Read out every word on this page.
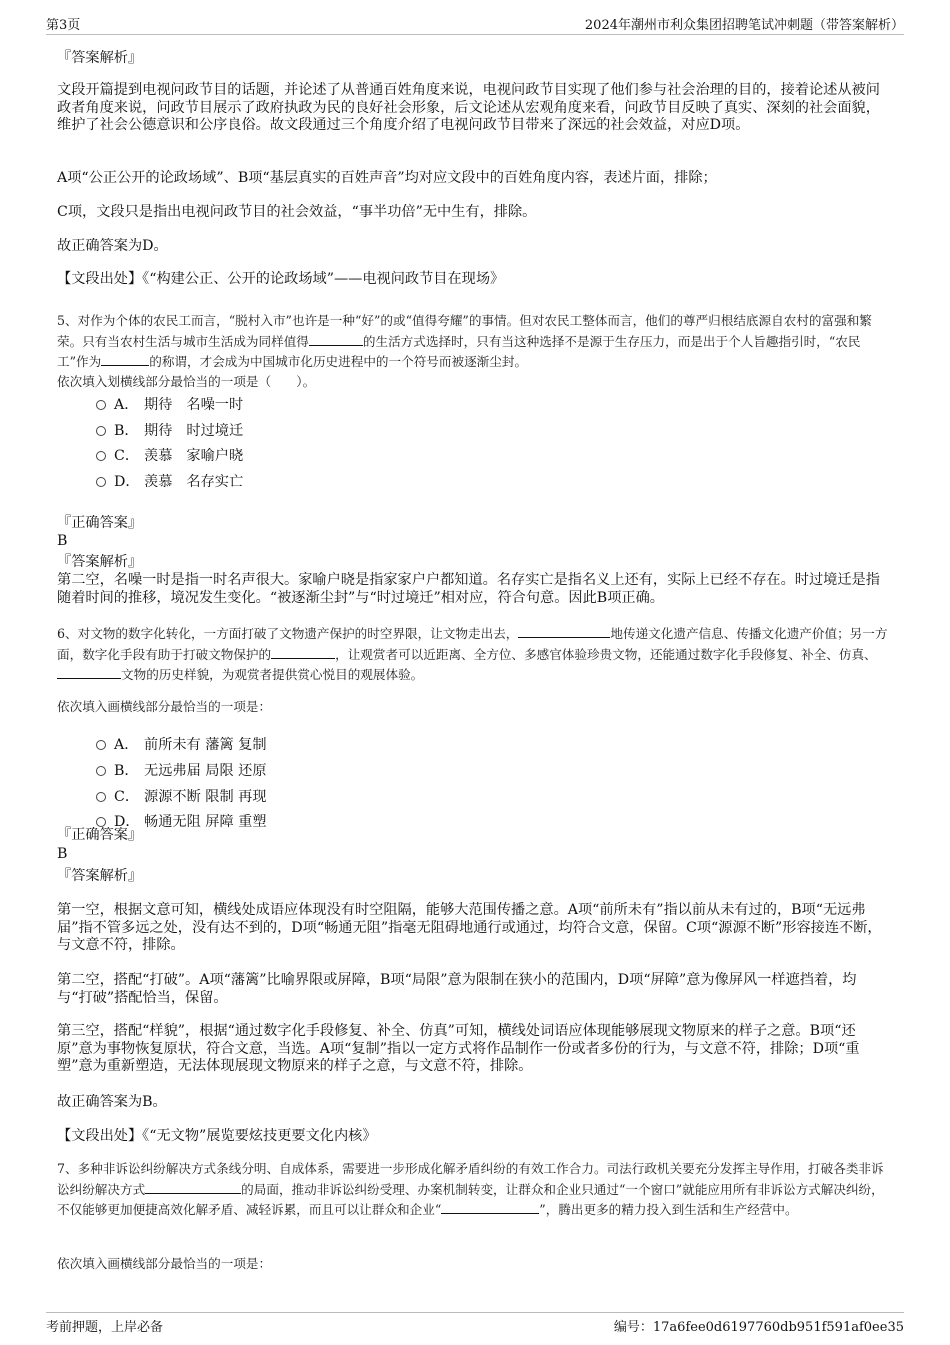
第3页	2024年潮州市利众集团招聘笔试冲刺题（带答案解析）

『答案解析』

文段开篇提到电视问政节目的话题，并论述了从普通百姓角度来说，电视问政节目实现了他们参与社会治理的目的，接着论述从被问政者角度来说，问政节目展示了政府执政为民的良好社会形象，后文论述从宏观角度来看，问政节目反映了真实、深刻的社会面貌，维护了社会公德意识和公序良俗。故文段通过三个角度介绍了电视问政节目带来了深远的社会效益，对应D项。

A项“公正公开的论政场域”、B项“基层真实的百姓声音”均对应文段中的百姓角度内容，表述片面，排除；

C项，文段只是指出电视问政节目的社会效益，“事半功倍”无中生有，排除。

故正确答案为D。

【文段出处】《“构建公正、公开的论政场域”——电视问政节目在现场》

5、对作为个体的农民工而言，“脱村入市”也许是一种“好”的或“值得夸耀”的事情。但对农民工整体而言，他们的尊严归根结底源自农村的富强和繁荣。只有当农村生活与城市生活成为同样值得	的生活方式选择时，只有当这种选择不是源于生存压力，而是出于个人旨趣指引时，“农民工”作为	的称谓，才会成为中国城市化历史进程中的一个符号而被逐渐尘封。

依次填入划横线部分最恰当的一项是（　　）。

A． 期待 名噪一时
B． 期待 时过境迁
C． 羡慕 家喻户晓
D． 羡慕 名存实亡

『正确答案』

B

『答案解析』

第二空，名噪一时是指一时名声很大。家喻户晓是指家家户户都知道。名存实亡是指名义上还有，实际上已经不存在。时过境迁是指随着时间的推移，境况发生变化。“被逐渐尘封”与“时过境迁”相对应，符合句意。因此B项正确。

6、对文物的数字化转化，一方面打破了文物遗产保护的时空界限，让文物走出去，	地传递文化遗产信息、传播文化遗产价值；另一方面，数字化手段有助于打破文物保护的	，让观赏者可以近距离、全方位、多感官体验珍贵文物，还能通过数字化手段修复、补全、仿真、文物的历史样貌，为观赏者提供赏心悦目的观展体验。

依次填入画横线部分最恰当的一项是：

A． 前所未有 藩篱 复制
B． 无远弗届 局限 还原
C． 源源不断 限制 再现
D． 畅通无阻 屏障 重塑

『正确答案』

B

『答案解析』

第一空，根据文意可知，横线处成语应体现没有时空阻隔，能够大范围传播之意。A项“前所未有”指以前从未有过的，B项“无远弗届”指不管多远之处，没有达不到的，D项“畅通无阻”指毫无阻碍地通行或通过，均符合文意，保留。C项“源源不断”形容接连不断，与文意不符，排除。

第二空，搭配“打破”。A项“藩篱”比喻界限或屏障，B项“局限”意为限制在狭小的范围内，D项“屏障”意为像屏风一样遮挡着，均与“打破”搭配恰当，保留。

第三空，搭配“样貌”，根据“通过数字化手段修复、补全、仿真”可知，横线处词语应体现能够展现文物原来的样子之意。B项“还原”意为事物恢复原状，符合文意，当选。A项“复制”指以一定方式将作品制作一份或者多份的行为，与文意不符，排除；D项“重塑”意为重新塑造，无法体现展现文物原来的样子之意，与文意不符，排除。

故正确答案为B。

【文段出处】《“无文物”展览要炫技更要文化内核》

7、多种非诉讼纠纷解决方式条线分明、自成体系，需要进一步形成化解矛盾纠纷的有效工作合力。司法行政机关要充分发挥主导作用，打破各类非诉讼纠纷解决方式	的局面，推动非诉讼纠纷受理、办案机制转变，让群众和企业只通过“一个窗口”就能应用所有非诉讼方式解决纠纷，不仅能够更加便捷高效化解矛盾、减轻诉累，而且可以让群众和企业“	”，腾出更多的精力投入到生活和生产经营中。

依次填入画横线部分最恰当的一项是：

考前押题，上岸必备	编号：17a6fee0d6197760db951f591af0ee35
